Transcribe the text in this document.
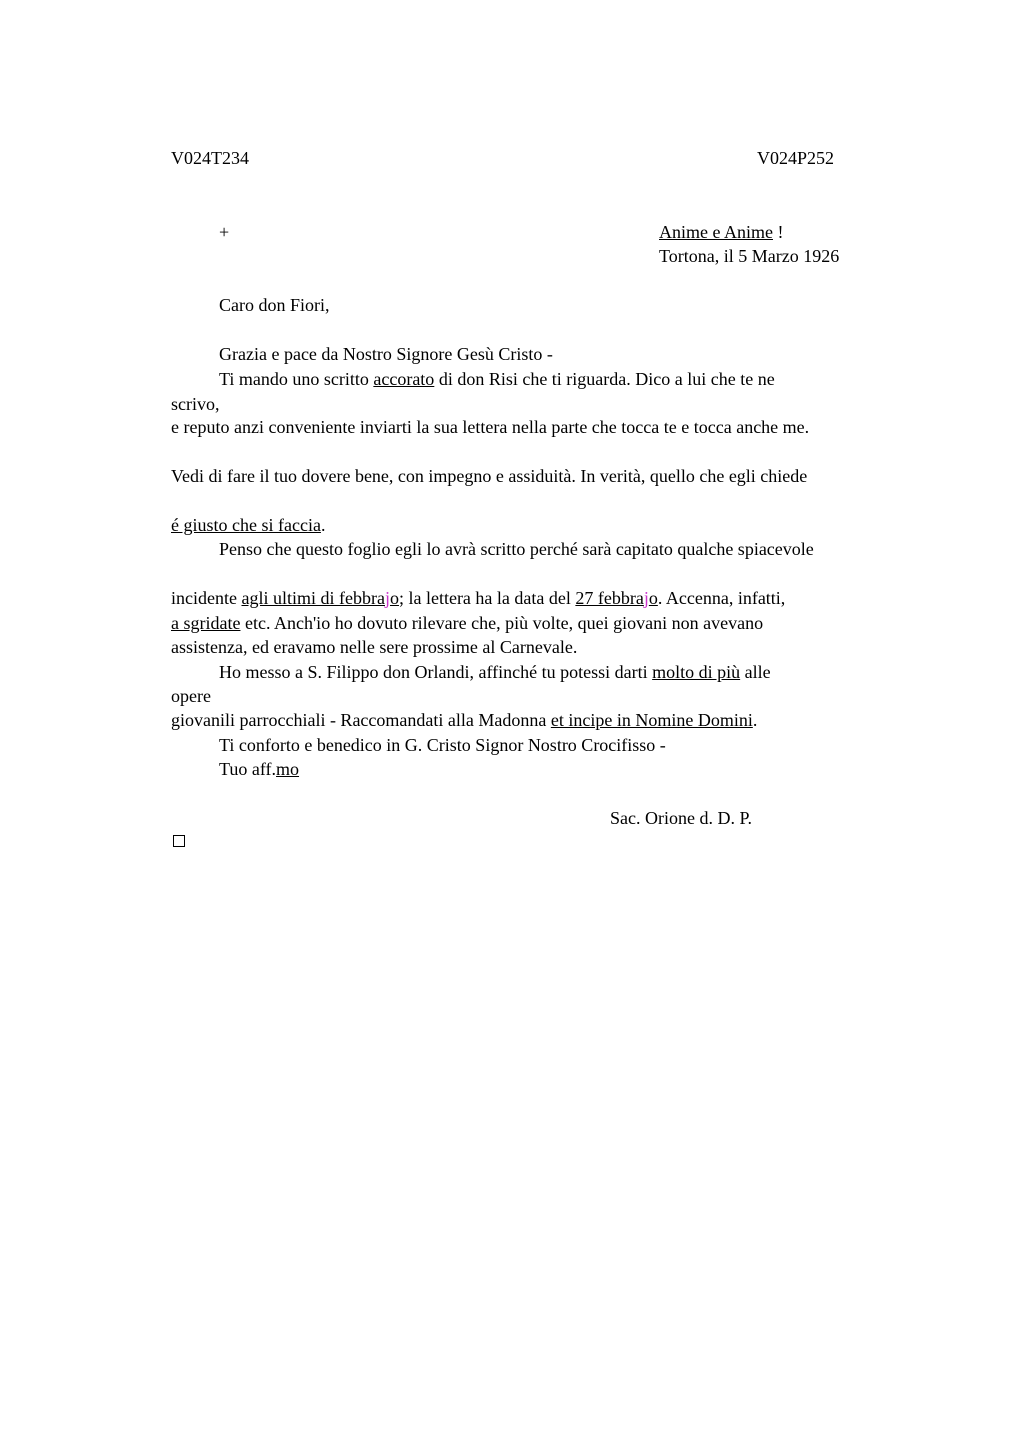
V024T234	V024P252
+	Anime e Anime !
Tortona, il 5 Marzo 1926
Caro don Fiori,
Grazia e pace da Nostro Signore Gesù Cristo -
Ti mando uno scritto accorato di don Risi che ti riguarda. Dico a lui che te ne
scrivo,
e reputo anzi conveniente inviarti la sua lettera nella parte che tocca te e tocca anche me.
Vedi di fare il tuo dovere bene, con impegno e assiduità. In verità, quello che egli chiede
é giusto che si faccia.
Penso che questo foglio egli lo avrà scritto perché sarà capitato qualche spiacevole
incidente agli ultimi di febbrajo; la lettera ha la data del 27 febbrajo. Accenna, infatti,
a sgridate etc. Anch'io ho dovuto rilevare che, più volte, quei giovani non avevano
assistenza, ed eravamo nelle sere prossime al Carnevale.
Ho messo a S. Filippo don Orlandi, affinché tu potessi darti molto di più alle
opere
giovanili parrocchiali - Raccomandati alla Madonna et incipe in Nomine Domini.
Ti conforto e benedico in G. Cristo Signor Nostro Crocifisso -
Tuo aff.mo
Sac. Orione d. D. P.
